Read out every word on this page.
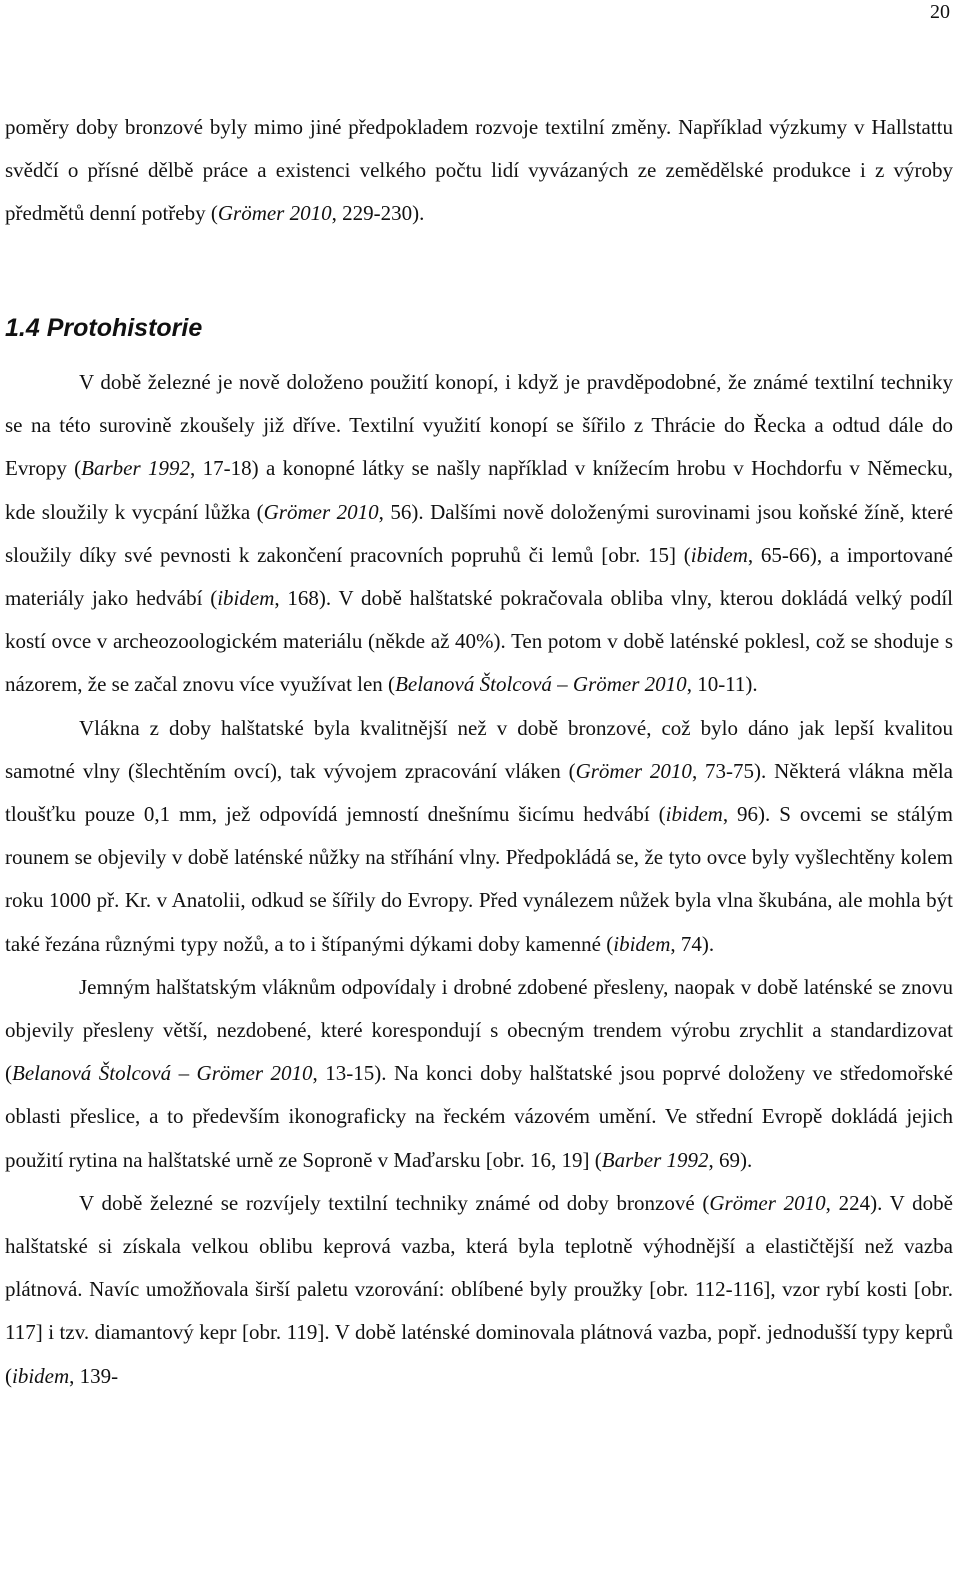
20

poměry doby bronzové byly mimo jiné předpokladem rozvoje textilní změny. Například výzkumy v Hallstattu svědčí o přísné dělbě práce a existenci velkého počtu lidí vyvázaných ze zemědělské produkce i z výroby předmětů denní potřeby (Grömer 2010, 229-230).

1.4 Protohistorie

V době železné je nově doloženo použití konopí, i když je pravděpodobné, že známé textilní techniky se na této surovině zkoušely již dříve. Textilní využití konopí se šířilo z Thrácie do Řecka a odtud dále do Evropy (Barber 1992, 17-18) a konopné látky se našly například v knížecím hrobu v Hochdorfu v Německu, kde sloužily k vycpání lůžka (Grömer 2010, 56). Dalšími nově doloženými surovinami jsou koňské žíně, které sloužily díky své pevnosti k zakončení pracovních popruhů či lemů [obr. 15] (ibidem, 65-66), a importované materiály jako hedvábí (ibidem, 168). V době halštatské pokračovala obliba vlny, kterou dokládá velký podíl kostí ovce v archeozoologickém materiálu (někde až 40%). Ten potom v době laténské poklesl, což se shoduje s názorem, že se začal znovu více využívat len (Belanová Štolcová – Grömer 2010, 10-11).

Vlákna z doby halštatské byla kvalitnější než v době bronzové, což bylo dáno jak lepší kvalitou samotné vlny (šlechtěním ovcí), tak vývojem zpracování vláken (Grömer 2010, 73-75). Některá vlákna měla tloušťku pouze 0,1 mm, jež odpovídá jemností dnešnímu šicímu hedvábí (ibidem, 96). S ovcemi se stálým rounem se objevily v době laténské nůžky na stříhání vlny. Předpokládá se, že tyto ovce byly vyšlechtěny kolem roku 1000 př. Kr. v Anatolii, odkud se šířily do Evropy. Před vynálezem nůžek byla vlna škubána, ale mohla být také řezána různými typy nožů, a to i štípanými dýkami doby kamenné (ibidem, 74).

Jemným halštatským vláknům odpovídaly i drobné zdobené přesleny, naopak v době laténské se znovu objevily přesleny větší, nezdobené, které korespondují s obecným trendem výrobu zrychlit a standardizovat (Belanová Štolcová – Grömer 2010, 13-15). Na konci doby halštatské jsou poprvé doloženy ve středomořské oblasti přeslice, a to především ikonograficky na řeckém vázovém umění. Ve střední Evropě dokládá jejich použití rytina na halštatské urně ze Sopronĕ v Maďarsku [obr. 16, 19] (Barber 1992, 69).

V době železné se rozvíjely textilní techniky známé od doby bronzové (Grömer 2010, 224). V době halštatské si získala velkou oblibu keprová vazba, která byla teplotně výhodnější a elastičtější než vazba plátnová. Navíc umožňovala širší paletu vzorování: oblíbené byly proužky [obr. 112-116], vzor rybí kosti [obr. 117] i tzv. diamantový kepr [obr. 119]. V době laténské dominovala plátnová vazba, popř. jednodušší typy keprů (ibidem, 139-
